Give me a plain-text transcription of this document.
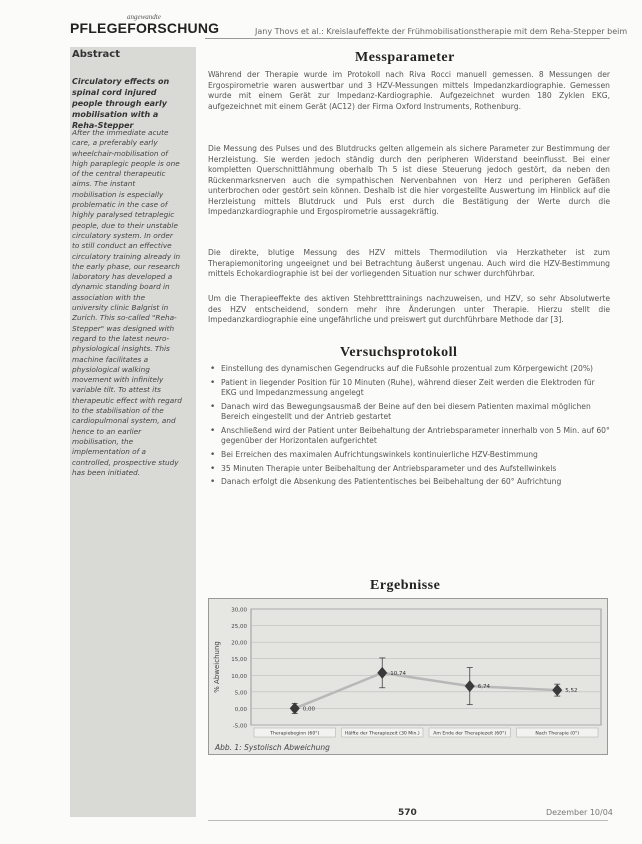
angewandte
PFLEGEFORSCHUNG	Jany Thovs et al.: Kreislaufeffekte der Frühmobilisationstherapie mit dem Reha-Stepper beim
Abstract
Circulatory effects on spinal cord injured people through early mobilisation with a Reha-Stepper
After the immediate acute care, a preferably early wheelchair-mobilisation of high paraplegic people is one of the central therapeutic aims. The instant mobilisation is especially problematic in the case of highly paralysed tetraplegic people, due to their unstable circulatory system. In order to still conduct an effective circulatory training already in the early phase, our research laboratory has developed a dynamic standing board in association with the university clinic Balgrist in Zurich. This so-called "Reha-Stepper" was designed with regard to the latest neuro-physiological insights. This machine facilitates a physiological walking movement with infinitely variable tilt. To attest its therapeutic effect with regard to the stabilisation of the cardiopulmonal system, and hence to an earlier mobilisation, the implementation of a controlled, prospective study has been initiated.
Messparameter
Während der Therapie wurde im Protokoll nach Riva Rocci manuell gemessen. 8 Messungen der Ergospirometrie waren auswertbar und 3 HZV-Messungen mittels Impedanzkardiographie. Gemessen wurde mit einem Gerät zur Impedanz-Kardiographie. Aufgezeichnet wurden 180 Zyklen EKG, aufgezeichnet mit einem Gerät (AC12) der Firma Oxford Instruments, Rothenburg.
Die Messung des Pulses und des Blutdrucks gelten allgemein als sichere Parameter zur Bestimmung der Herzleistung. Sie werden jedoch ständig durch den peripheren Widerstand beeinflusst. Bei einer kompletten Querschnittlähmung oberhalb Th 5 ist diese Steuerung jedoch gestört, da neben den Rückenmarksnerven auch die sympathischen Nervenbahnen von Herz und peripheren Gefäßen unterbrochen oder gestört sein können. Deshalb ist die hier vorgestellte Auswertung im Hinblick auf die Herzleistung mittels Blutdruck und Puls erst durch die Bestätigung der Werte durch die Impedanzkardiographie und Ergospirometrie aussagekräftig.
Die direkte, blutige Messung des HZV mittels Thermodilution via Herzkatheter ist zum Therapiemonitoring ungeeignet und bei Betrachtung äußerst ungenau. Auch wird die HZV-Bestimmung mittels Echokardiographie ist bei der vorliegenden Situation nur schwer durchführbar.
Um die Therapieeffekte des aktiven Stehbretttrainings nachzuweisen, und HZV, so sehr Absolutwerte des HZV entscheidend, sondern mehr ihre Änderungen unter Therapie. Hierzu stellt die Impedanzkardiographie eine ungefährliche und preiswert gut durchführbare Methode dar [3].
Versuchsprotokoll
• Einstellung des dynamischen Gegendrucks auf die Fußsohle prozentual zum Körpergewicht (20%)
• Patient in liegender Position für 10 Minuten (Ruhe), während dieser Zeit werden die Elektroden für EKG und Impedanzmessung angelegt
• Danach wird das Bewegungsausmaß der Beine auf den bei diesem Patienten maximal möglichen Bereich eingestellt und der Antrieb gestartet
• Anschließend wird der Patient unter Beibehaltung der Antriebsparameter innerhalb von 5 Min. auf 60° gegenüber der Horizontalen aufgerichtet
• Bei Erreichen des maximalen Aufrichtungswinkels kontinuierliche HZV-Bestimmung
• 35 Minuten Therapie unter Beibehaltung der Antriebsparameter und des Aufstellwinkels
• Danach erfolgt die Absenkung des Patiententisches bei Beibehaltung der 60° Aufrichtung
Ergebnisse
30,00
25,00
20,00
15,00
10,00
5,00
0,00
-5,00
% Abweichung
0,00
10,74
6,74
5,52
Therapiebeginn (60°)	Hälfte der Therapiezeit (30 Min.)	Am Ende der Therapiezeit (60°)	Nach Therapie (0°)
Abb. 1: Systolisch Abweichung
570	Dezember 10/04
